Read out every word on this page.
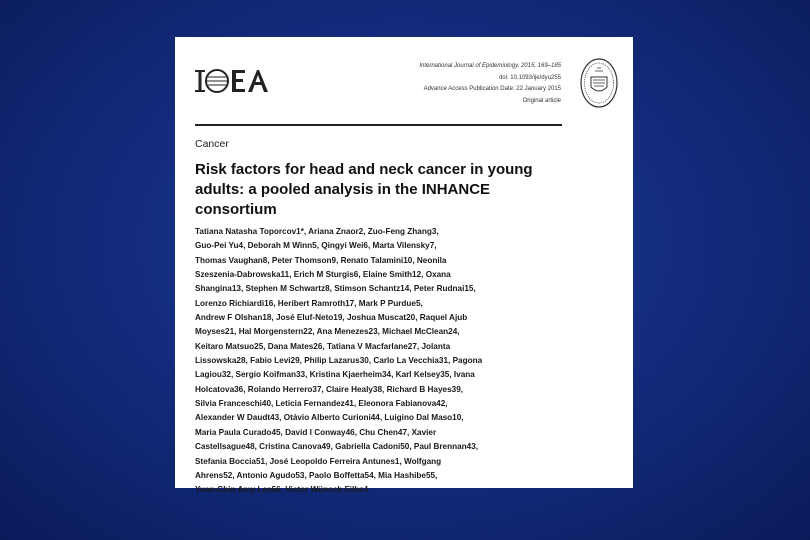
International Journal of Epidemiology, 2015, 169–185
doi: 10.1093/ije/dyu255
Advance Access Publication Date: 22 January 2015
Original article
Cancer
Risk factors for head and neck cancer in young
adults: a pooled analysis in the INHANCE
consortium
Tatiana Natasha Toporcov1*, Ariana Znaor2, Zuo-Feng Zhang3,
Guo-Pei Yu4, Deborah M Winn5, Qingyi Wei6, Marta Vilensky7,
Thomas Vaughan8, Peter Thomson9, Renato Talamini10, Neonila
Szeszenia-Dabrowska11, Erich M Sturgis6, Elaine Smith12, Oxana
Shangina13, Stephen M Schwartz8, Stimson Schantz14, Peter Rudnai15,
Lorenzo Richiardi16, Heribert Ramroth17, Mark P Purdue5,
Andrew F Olshan18, José Eluf-Neto19, Joshua Muscat20, Raquel Ajub
Moyses21, Hal Morgenstern22, Ana Menezes23, Michael McClean24,
Keitaro Matsuo25, Dana Mates26, Tatiana V Macfarlane27, Jolanta
Lissowska28, Fabio Levi29, Philip Lazarus30, Carlo La Vecchia31, Pagona
Lagiou32, Sergio Koifman33, Kristina Kjaerheim34, Karl Kelsey35, Ivana
Holcatova36, Rolando Herrero37, Claire Healy38, Richard B Hayes39,
Silvia Franceschi40, Leticia Fernandez41, Eleonora Fabianova42,
Alexander W Daudt43, Otávio Alberto Curioni44, Luigino Dal Maso10,
Maria Paula Curado45, David I Conway46, Chu Chen47, Xavier
Castellsague48, Cristina Canova49, Gabriella Cadoni50, Paul Brennan43,
Stefania Boccia51, José Leopoldo Ferreira Antunes1, Wolfgang
Ahrens52, Antonio Agudo53, Paolo Boffetta54, Mia Hashibe55,
Yuan-Chin Amy Lee56, Victor Wünsch Filho1
